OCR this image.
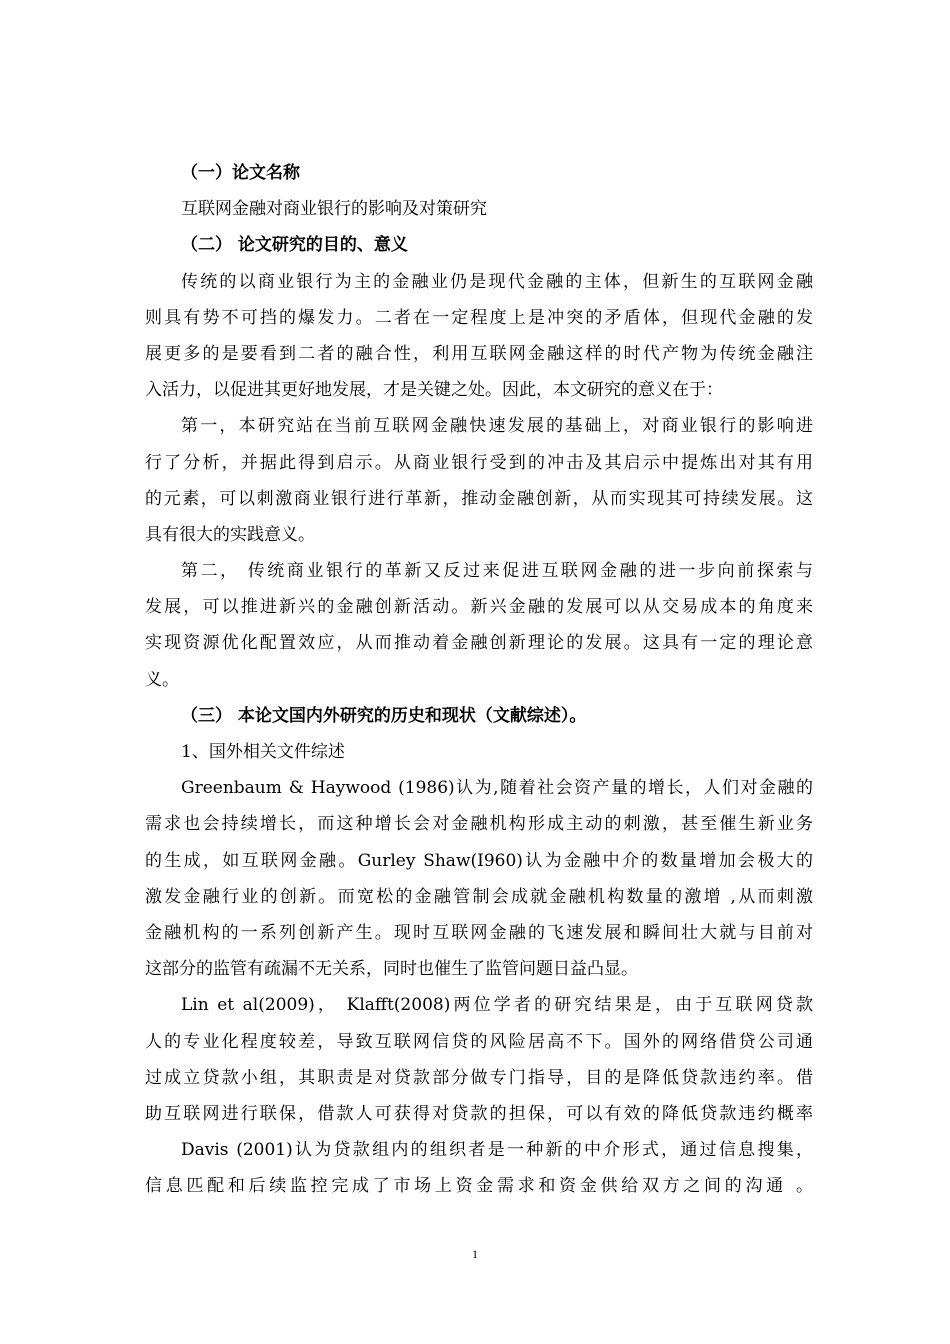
（一）论文名称
互联网金融对商业银行的影响及对策研究
（二） 论文研究的目的、意义
传统的以商业银行为主的金融业仍是现代金融的主体，但新生的互联网金融
则具有势不可挡的爆发力。二者在一定程度上是冲突的矛盾体，但现代金融的发
展更多的是要看到二者的融合性，利用互联网金融这样的时代产物为传统金融注
入活力，以促进其更好地发展，才是关键之处。因此，本文研究的意义在于：
第一，本研究站在当前互联网金融快速发展的基础上，对商业银行的影响进
行了分析，并据此得到启示。从商业银行受到的冲击及其启示中提炼出对其有用
的元素，可以刺激商业银行进行革新，推动金融创新，从而实现其可持续发展。这
具有很大的实践意义。
第二， 传统商业银行的革新又反过来促进互联网金融的进一步向前探索与
发展，可以推进新兴的金融创新活动。新兴金融的发展可以从交易成本的角度来
实现资源优化配置效应，从而推动着金融创新理论的发展。这具有一定的理论意
义。
（三） 本论文国内外研究的历史和现状（文献综述）。
1、国外相关文件综述
Greenbaum & Haywood (1986)认为,随着社会资产量的增长，人们对金融的
需求也会持续增长，而这种增长会对金融机构形成主动的刺激，甚至催生新业务
的生成，如互联网金融。Gurley Shaw(I960)认为金融中介的数量增加会极大的
激发金融行业的创新。而宽松的金融管制会成就金融机构数量的激增 ,从而刺激
金融机构的一系列创新产生。现时互联网金融的飞速发展和瞬间壮大就与目前对
这部分的监管有疏漏不无关系，同时也催生了监管问题日益凸显。
Lin et al(2009)， Klafft(2008)两位学者的研究结果是，由于互联网贷款
人的专业化程度较差，导致互联网信贷的风险居高不下。国外的网络借贷公司通
过成立贷款小组，其职责是对贷款部分做专门指导，目的是降低贷款违约率。借
助互联网进行联保，借款人可获得对贷款的担保，可以有效的降低贷款违约概率
Davis (2001)认为贷款组内的组织者是一种新的中介形式，通过信息搜集，
信息匹配和后续监控完成了市场上资金需求和资金供给双方之间的沟通 。
1
